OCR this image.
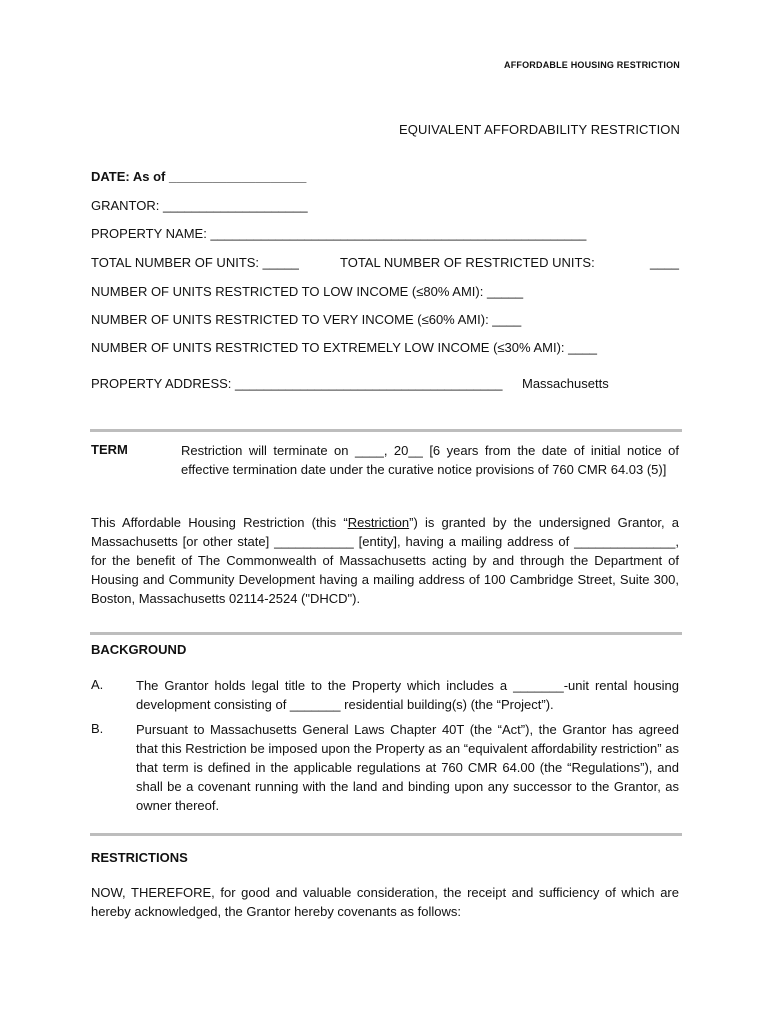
AFFORDABLE HOUSING RESTRICTION
EQUIVALENT AFFORDABILITY RESTRICTION
DATE: As of ___________________
GRANTOR: ____________________
PROPERTY NAME: ____________________________________________________
TOTAL NUMBER OF UNITS: _____	TOTAL NUMBER OF RESTRICTED UNITS:	____
NUMBER OF UNITS RESTRICTED TO LOW INCOME (≤80% AMI): _____
NUMBER OF UNITS RESTRICTED TO VERY INCOME (≤60% AMI): ____
NUMBER OF UNITS RESTRICTED TO EXTREMELY LOW INCOME (≤30% AMI): ____
PROPERTY ADDRESS: _____________________________________ Massachusetts
TERM	Restriction will terminate on ____, 20__ [6 years from the date of initial notice of effective termination date under the curative notice provisions of 760 CMR 64.03 (5)]
This Affordable Housing Restriction (this “Restriction”) is granted by the undersigned Grantor, a Massachusetts [or other state] ___________ [entity], having a mailing address of ______________, for the benefit of The Commonwealth of Massachusetts acting by and through the Department of Housing and Community Development having a mailing address of 100 Cambridge Street, Suite 300, Boston, Massachusetts 02114-2524 ("DHCD").
BACKGROUND
A.	The Grantor holds legal title to the Property which includes a _______-unit rental housing development consisting of _______ residential building(s) (the “Project”).
B.	Pursuant to Massachusetts General Laws Chapter 40T (the “Act”), the Grantor has agreed that this Restriction be imposed upon the Property as an “equivalent affordability restriction” as that term is defined in the applicable regulations at 760 CMR 64.00 (the “Regulations”), and shall be a covenant running with the land and binding upon any successor to the Grantor, as owner thereof.
RESTRICTIONS
NOW, THEREFORE, for good and valuable consideration, the receipt and sufficiency of which are hereby acknowledged, the Grantor hereby covenants as follows:
